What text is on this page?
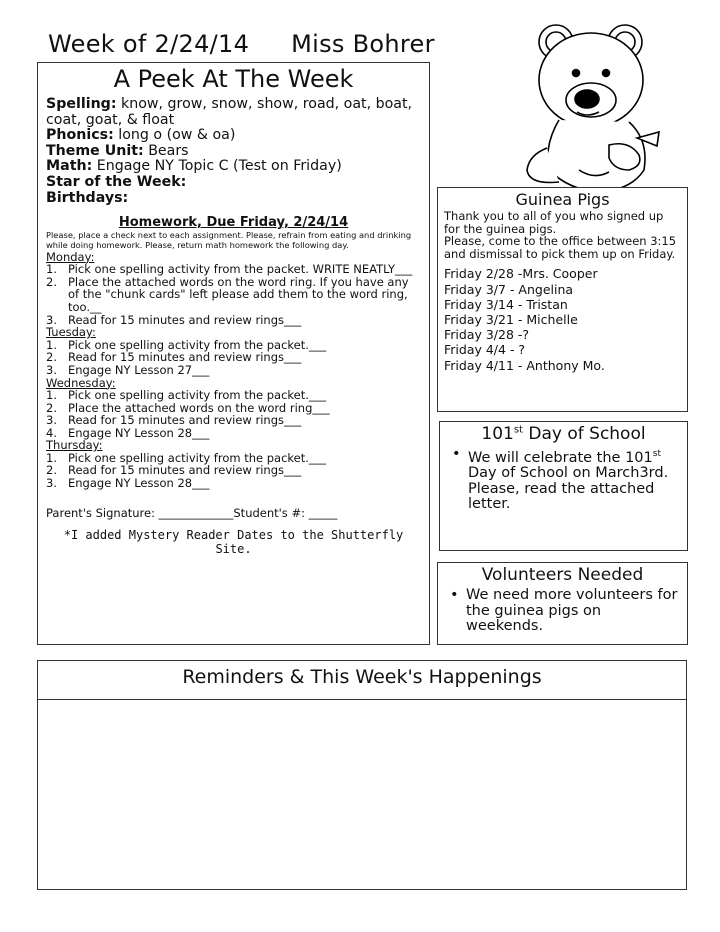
Week of 2/24/14 Miss Bohrer
A Peek At The Week
Spelling: know, grow, snow, show, road, oat, boat, coat, goat, & float
Phonics: long o (ow & oa)
Theme Unit: Bears
Math: Engage NY Topic C (Test on Friday)
Star of the Week:
Birthdays:
Homework, Due Friday, 2/24/14
Please, place a check next to each assignment. Please, refrain from eating and drinking while doing homework. Please, return math homework the following day.
Monday:
1. Pick one spelling activity from the packet. WRITE NEATLY___
2. Place the attached words on the word ring. If you have any of the "chunk cards" left please add them to the word ring, too.__
3. Read for 15 minutes and review rings___
Tuesday:
1. Pick one spelling activity from the packet.___
2. Read for 15 minutes and review rings___
3. Engage NY Lesson 27___
Wednesday:
1. Pick one spelling activity from the packet.___
2. Place the attached words on the word ring___
3. Read for 15 minutes and review rings___
4. Engage NY Lesson 28___
Thursday:
1. Pick one spelling activity from the packet.___
2. Read for 15 minutes and review rings___
3. Engage NY Lesson 28___
Parent's Signature: _____________Student's #: _____
*I added Mystery Reader Dates to the Shutterfly Site.
Guinea Pigs
Thank you to all of you who signed up for the guinea pigs.
Please, come to the office between 3:15 and dismissal to pick them up on Friday.
Friday 2/28 -Mrs. Cooper
Friday 3/7 - Angelina
Friday 3/14 - Tristan
Friday 3/21 - Michelle
Friday 3/28 -?
Friday 4/4 - ?
Friday 4/11 - Anthony Mo.
101st Day of School
• We will celebrate the 101st Day of School on March3rd. Please, read the attached letter.
Volunteers Needed
• We need more volunteers for the guinea pigs on weekends.
Reminders & This Week's Happenings
